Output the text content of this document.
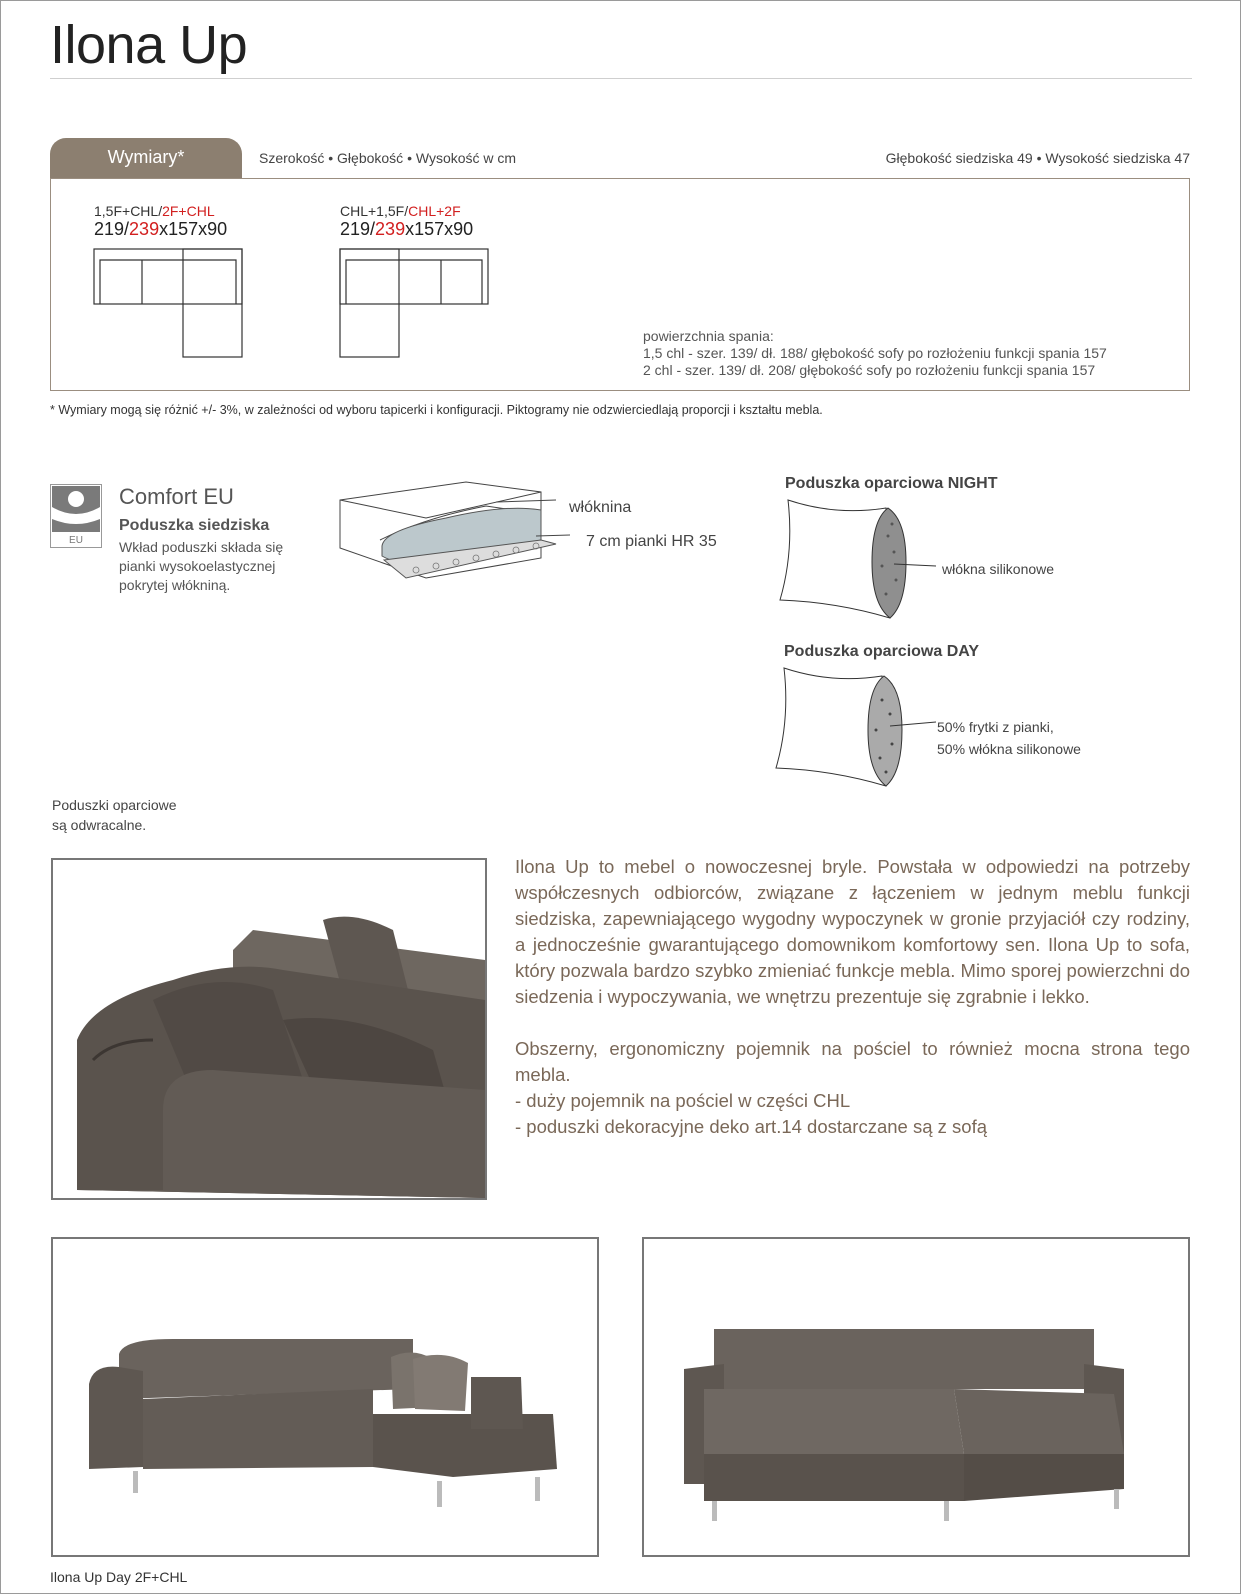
Ilona Up
Wymiary*	Szerokość • Głębokość • Wysokość w cm	Głębokość siedziska 49 • Wysokość siedziska 47
1,5F+CHL/2F+CHL
219/239x157x90
CHL+1,5F/CHL+2F
219/239x157x90
powierzchnia spania:
1,5 chl - szer. 139/ dł. 188/ głębokość sofy po rozłożeniu funkcji spania 157
2 chl - szer. 139/ dł. 208/ głębokość sofy po rozłożeniu funkcji spania 157
* Wymiary mogą się różnić +/- 3%, w zależności od wyboru tapicerki i konfiguracji. Piktogramy nie odzwierciedlają proporcji i kształtu mebla.
EU
Comfort EU
Poduszka siedziska
Wkład poduszki składa się
pianki wysokoelastycznej
pokrytej włókniną.
włóknina
7 cm pianki HR 35
Poduszka oparciowa NIGHT
włókna silikonowe
Poduszka oparciowa DAY
50% frytki z pianki,
50% włókna silikonowe
Poduszki oparciowe
są odwracalne.

Ilona Up to mebel o nowoczesnej bryle. Powstała w odpowiedzi na potrzeby współczesnych odbiorców, związane z łączeniem w jednym meblu funkcji siedziska, zapewniającego wygodny wypoczynek w gronie przyjaciół czy rodziny, a jednocześnie gwarantującego domownikom komfortowy sen. Ilona Up to sofa, który pozwala bardzo szybko zmieniać funkcje mebla. Mimo sporej powierzchni do siedzenia i wypoczywania, we wnętrzu prezentuje się zgrabnie i lekko.

Obszerny, ergonomiczny pojemnik na pościel to również mocna strona tego mebla.

- duży pojemnik na pościel w części CHL

- poduszki dekoracyjne deko art.14 dostarczane są z sofą

Ilona Up Day 2F+CHL
